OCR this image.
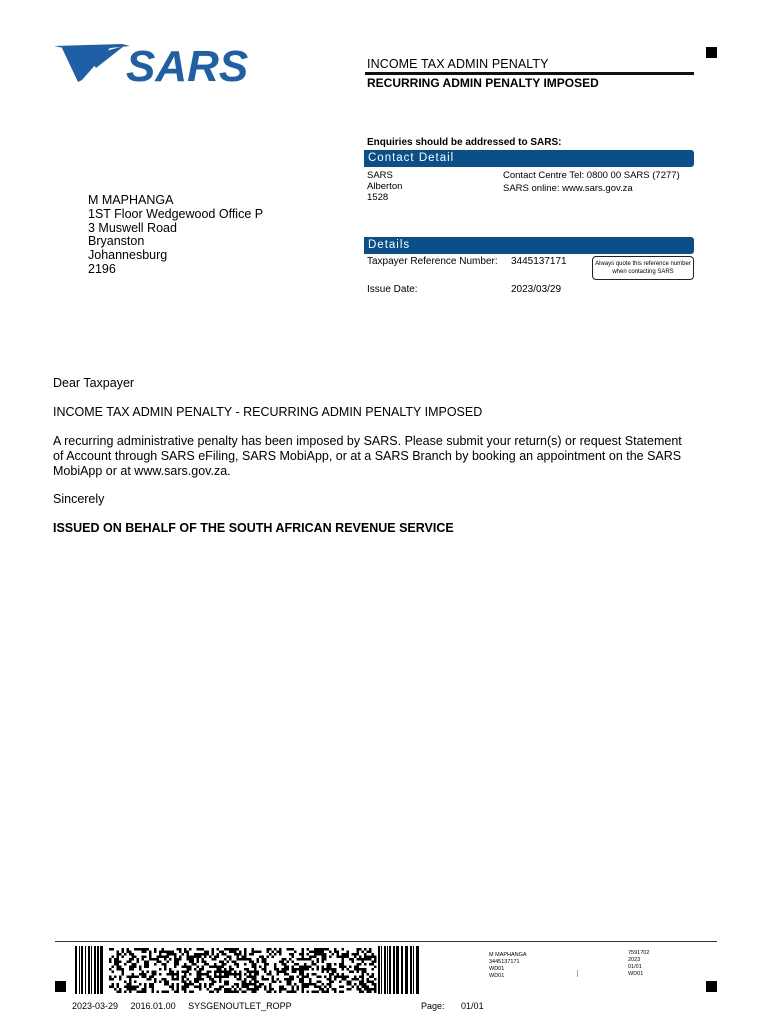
SARS	INCOME TAX ADMIN PENALTY
RECURRING ADMIN PENALTY IMPOSED
Enquiries should be addressed to SARS:
Contact Detail
SARS
Alberton
1528
Contact Centre Tel: 0800 00 SARS (7277)
SARS online: www.sars.gov.za
Details
Taxpayer Reference Number: 3445137171	Always quote this reference number when contacting SARS
Issue Date:	2023/03/29
M MAPHANGA
1ST Floor Wedgewood Office P
3 Muswell Road
Bryanston
Johannesburg
2196
Dear Taxpayer
INCOME TAX ADMIN PENALTY - RECURRING ADMIN PENALTY IMPOSED
A recurring administrative penalty has been imposed by SARS. Please submit your return(s) or request Statement
of Account through SARS eFiling, SARS MobiApp, or at a SARS Branch by booking an appointment on the SARS
MobiApp or at www.sars.gov.za.
Sincerely
ISSUED ON BEHALF OF THE SOUTH AFRICAN REVENUE SERVICE
M MAPHANGA
3445137171
WD01
WD01
7591702
2023
01/01
WD01
2023-03-29     2016.01.00     SYSGENOUTLET_ROPP	Page: 01/01
